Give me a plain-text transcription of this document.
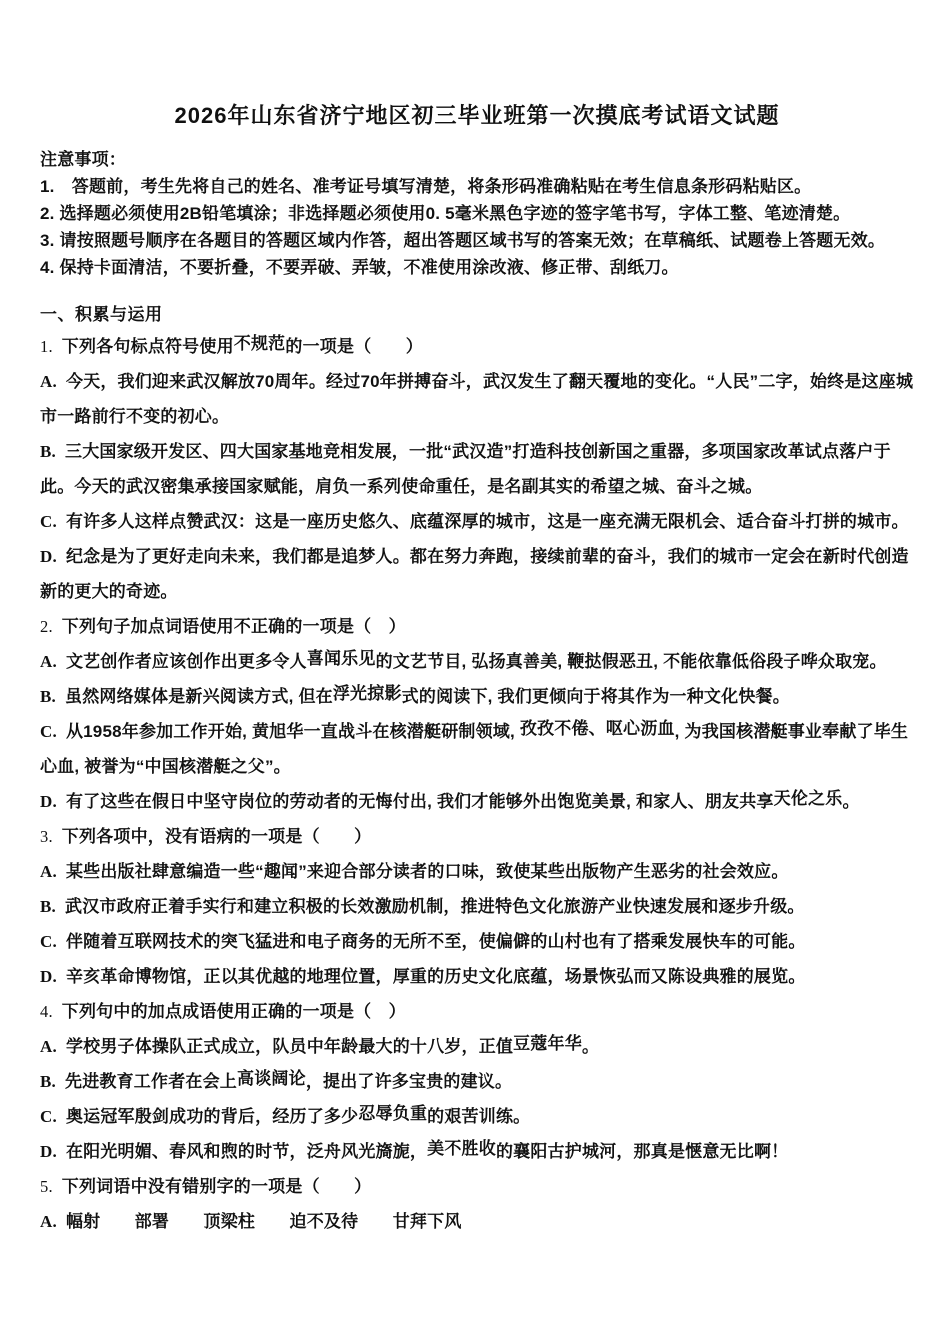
2026年山东省济宁地区初三毕业班第一次摸底考试语文试题
注意事项：
1.　答题前，考生先将自己的姓名、准考证号填写清楚，将条形码准确粘贴在考生信息条形码粘贴区。
2. 选择题必须使用2B铅笔填涂；非选择题必须使用0. 5毫米黑色字迹的签字笔书写，字体工整、笔迹清楚。
3. 请按照题号顺序在各题目的答题区域内作答，超出答题区域书写的答案无效；在草稿纸、试题卷上答题无效。
4. 保持卡面清洁，不要折叠，不要弄破、弄皱，不准使用涂改液、修正带、刮纸刀。
一、积累与运用
1. 下列各句标点符号使用不规范的一项是（　　）
A. 今天，我们迎来武汉解放70周年。经过70年拼搏奋斗，武汉发生了翻天覆地的变化。“人民”二字，始终是这座城市一路前行不变的初心。
B. 三大国家级开发区、四大国家基地竞相发展，一批“武汉造”打造科技创新国之重器，多项国家改革试点落户于此。今天的武汉密集承接国家赋能，肩负一系列使命重任，是名副其实的希望之城、奋斗之城。
C. 有许多人这样点赞武汉：这是一座历史悠久、底蕴深厚的城市，这是一座充满无限机会、适合奋斗打拼的城市。
D. 纪念是为了更好走向未来，我们都是追梦人。都在努力奔跑，接续前辈的奋斗，我们的城市一定会在新时代创造新的更大的奇迹。
2. 下列句子加点词语使用不正确的一项是（　）
A. 文艺创作者应该创作出更多令人喜闻乐见的文艺节目, 弘扬真善美, 鞭挞假恶丑, 不能依靠低俗段子哗众取宠。
B. 虽然网络媒体是新兴阅读方式, 但在浮光掠影式的阅读下, 我们更倾向于将其作为一种文化快餐。
C. 从1958年参加工作开始, 黄旭华一直战斗在核潜艇研制领域, 孜孜不倦、呕心沥血, 为我国核潜艇事业奉献了毕生心血, 被誉为“中国核潜艇之父”。
D. 有了这些在假日中坚守岗位的劳动者的无悔付出, 我们才能够外出饱览美景, 和家人、朋友共享天伦之乐。
3. 下列各项中，没有语病的一项是（　　）
A. 某些出版社肆意编造一些“趣闻”来迎合部分读者的口味，致使某些出版物产生恶劣的社会效应。
B. 武汉市政府正着手实行和建立积极的长效激励机制，推进特色文化旅游产业快速发展和逐步升级。
C. 伴随着互联网技术的突飞猛进和电子商务的无所不至，使偏僻的山村也有了搭乘发展快车的可能。
D. 辛亥革命博物馆，正以其优越的地理位置，厚重的历史文化底蕴，场景恢弘而又陈设典雅的展览。
4. 下列句中的加点成语使用正确的一项是（　）
A. 学校男子体操队正式成立，队员中年龄最大的十八岁，正值豆蔻年华。
B. 先进教育工作者在会上高谈阔论，提出了许多宝贵的建议。
C. 奥运冠军殷剑成功的背后，经历了多少忍辱负重的艰苦训练。
D. 在阳光明媚、春风和煦的时节，泛舟风光旖旎，美不胜收的襄阳古护城河，那真是惬意无比啊！
5. 下列词语中没有错别字的一项是（　　）
A. 幅射　　部署　　顶梁柱　　迫不及待　　甘拜下风
